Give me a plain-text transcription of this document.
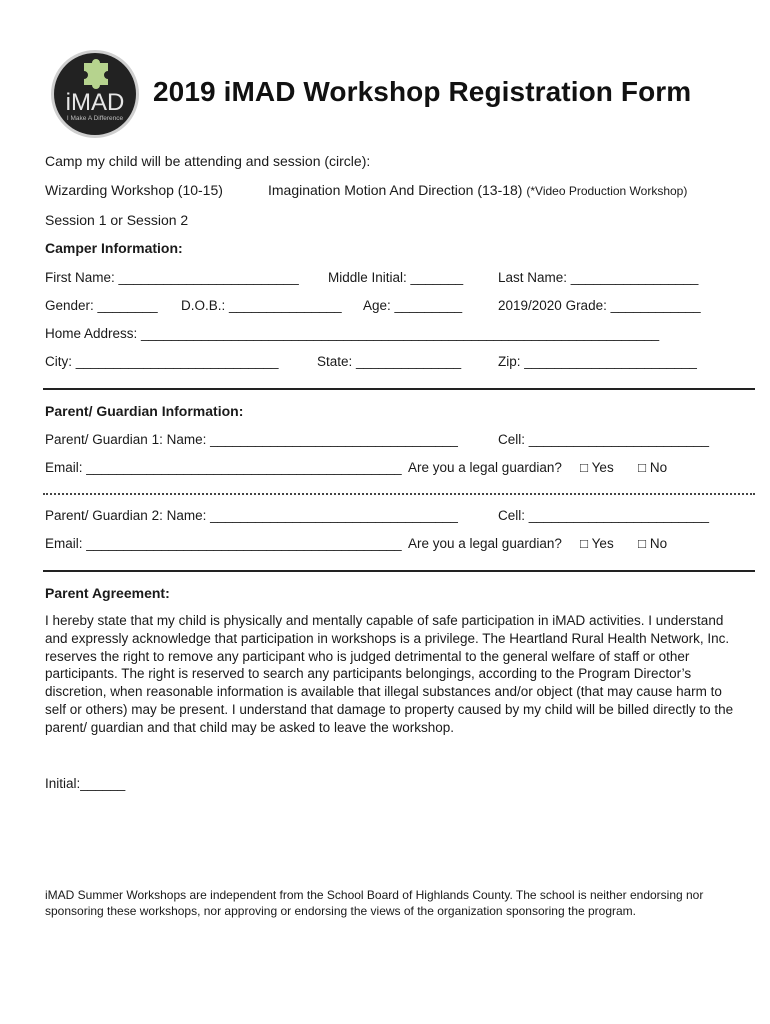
iMAD
I Make A Difference
2019 iMAD Workshop Registration Form
Camp my child will be attending and session (circle):
Wizarding Workshop (10-15)	Imagination Motion And Direction (13-18) (*Video Production Workshop)
Session 1 or Session 2
Camper Information:
First Name: ________________________ Middle Initial: _______	Last Name: _________________
Gender: ________ D.O.B.: _______________ Age: _________	2019/2020 Grade: ____________
Home Address: _____________________________________________________________________
City: ___________________________	State: ______________	Zip: _______________________
Parent/ Guardian Information:
Parent/ Guardian 1: Name: _________________________________	Cell: ________________________
Email: __________________________________________ Are you a legal guardian? □ Yes □ No
Parent/ Guardian 2: Name: _________________________________	Cell: ________________________
Email: __________________________________________ Are you a legal guardian? □ Yes □ No
Parent Agreement:
I hereby state that my child is physically and mentally capable of safe participation in iMAD activities. I understand and expressly acknowledge that participation in workshops is a privilege. The Heartland Rural Health Network, Inc. reserves the right to remove any participant who is judged detrimental to the general welfare of staff or other participants. The right is reserved to search any participants belongings, according to the Program Director’s discretion, when reasonable information is available that illegal substances and/or object (that may cause harm to self or others) may be present. I understand that damage to property caused by my child will be billed directly to the parent/ guardian and that child may be asked to leave the workshop.
Initial:______
iMAD Summer Workshops are independent from the School Board of Highlands County. The school is neither endorsing nor sponsoring these workshops, nor approving or endorsing the views of the organization sponsoring the program.
